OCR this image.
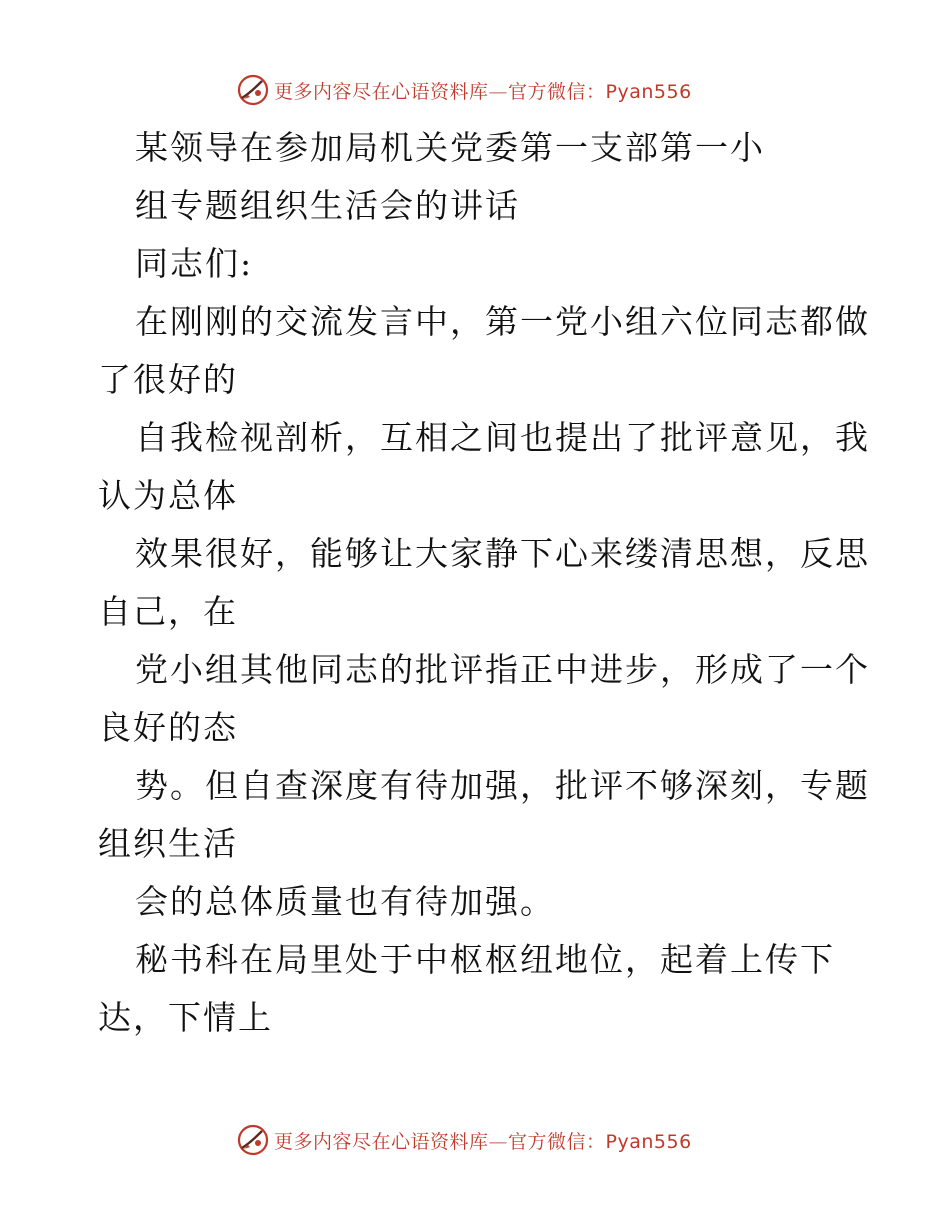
更多内容尽在心语资料库—官方微信：Pyan556
某领导在参加局机关党委第一支部第一小
组专题组织生活会的讲话
同志们:
在刚刚的交流发言中，第一党小组六位同志都做
了很好的
自我检视剖析，互相之间也提出了批评意见，我
认为总体
效果很好，能够让大家静下心来缕清思想，反思
自己，在
党小组其他同志的批评指正中进步，形成了一个
良好的态
势。但自查深度有待加强，批评不够深刻，专题
组织生活
会的总体质量也有待加强。
秘书科在局里处于中枢枢纽地位，起着上传下
达，下情上
更多内容尽在心语资料库—官方微信：Pyan556
